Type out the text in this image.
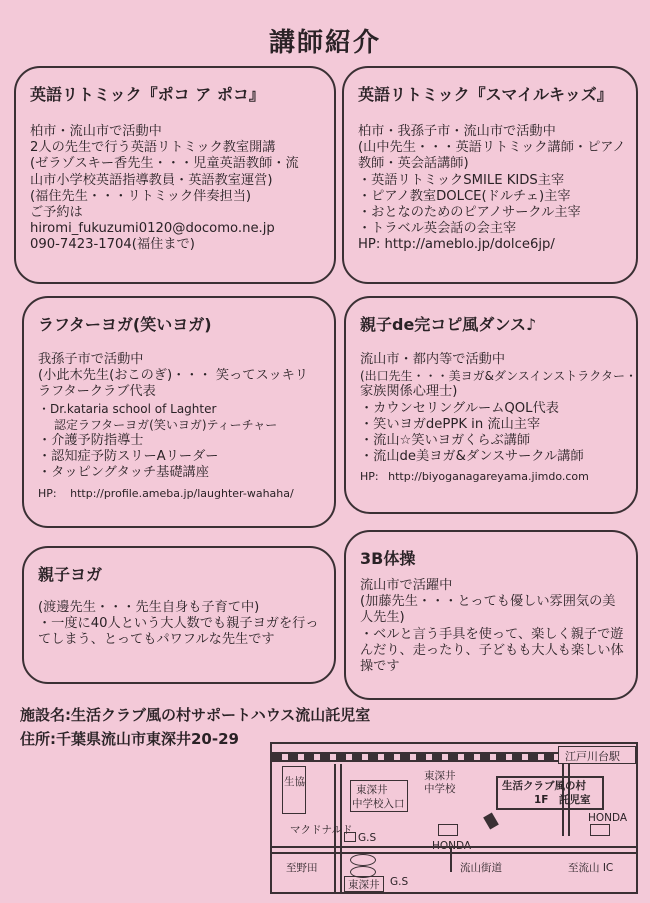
講師紹介
英語リトミック『ポコ ア ポコ』
柏市・流山市で活動中
2人の先生で行う英語リトミック教室開講
(ゼラゾスキー香先生・・・児童英語教師・流
山市小学校英語指導教員・英語教室運営)
(福住先生・・・リトミック伴奏担当)
ご予約は
hiromi_fukuzumi0120@docomo.ne.jp
090-7423-1704(福住まで)
英語リトミック『スマイルキッズ』
柏市・我孫子市・流山市で活動中
(山中先生・・・英語リトミック講師・ピアノ
教師・英会話講師)
・英語リトミックSMILE KIDS主宰
・ピアノ教室DOLCE(ドルチェ)主宰
・おとなのためのピアノサークル主宰
・トラベル英会話の会主宰
HP: http://ameblo.jp/dolce6jp/
ラフターヨガ(笑いヨガ)
我孫子市で活動中
(小此木先生(おこのぎ)・・・ 笑ってスッキリ
ラフタークラブ代表
・Dr.kataria school of Laghter
認定ラフターヨガ(笑いヨガ)ティーチャー
・介護予防指導士
・認知症予防スリーAリーダー
・タッピングタッチ基礎講座
HP: http://profile.ameba.jp/laughter-wahaha/
親子de完コピ風ダンス♪
流山市・都内等で活動中
(出口先生・・・美ヨガ&ダンスインストラクター・
家族関係心理士)
・カウンセリングルームQOL代表
・笑いヨガdePPK in 流山主宰
・流山☆笑いヨガくらぶ講師
・流山de美ヨガ&ダンスサークル講師
HP: http://biyoganagareyama.jimdo.com
親子ヨガ
(渡邊先生・・・先生自身も子育て中)
・一度に40人という大人数でも親子ヨガを行っ
てしまう、とってもパワフルな先生です
3B体操
流山市で活躍中
(加藤先生・・・とっても優しい雰囲気の美
人先生)
・ベルと言う手具を使って、楽しく親子で遊
んだり、走ったり、子どもも大人も楽しい体
操です
施設名:生活クラブ風の村サポートハウス流山託児室
住所:千葉県流山市東深井20-29
江戸川台駅
生協	東深井
中学校
東深井
中学校入口
生活クラブ風の村
1F　託児室
マクドナルド
G.S
HONDA
至野田	流山街道	至流山 IC
東深井 G.S
